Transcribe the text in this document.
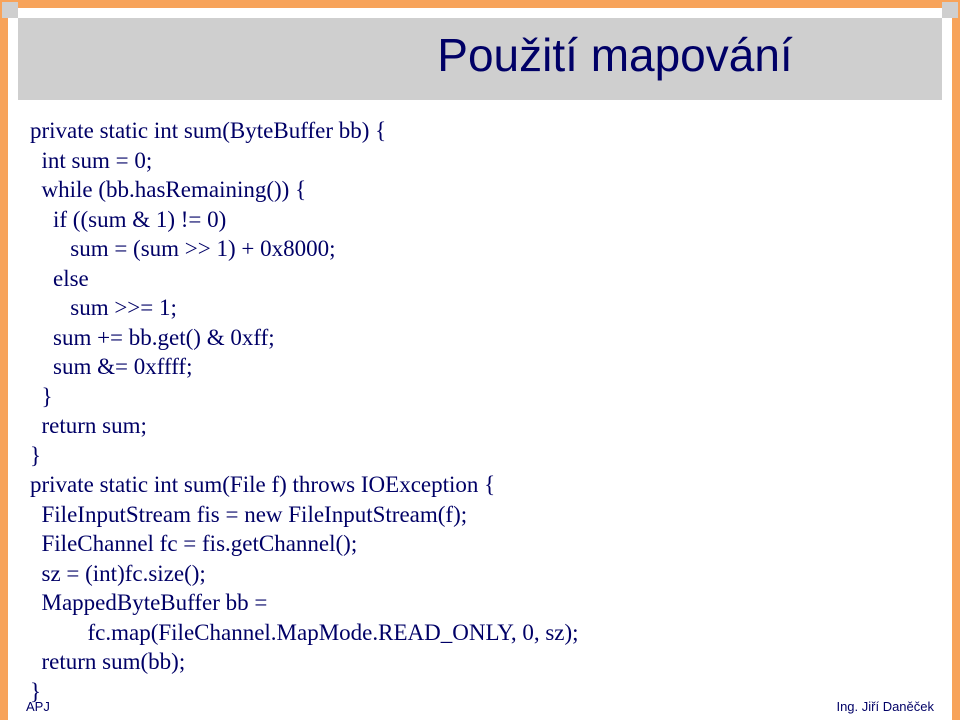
Použití mapování
private static int sum(ByteBuffer bb) {
int sum = 0;
while (bb.hasRemaining()) {
if ((sum & 1) != 0)
sum = (sum >> 1) + 0x8000;
else
sum >>= 1;
sum += bb.get() & 0xff;
sum &= 0xffff;
}
return sum;
}
private static int sum(File f) throws IOException {
FileInputStream fis = new FileInputStream(f);
FileChannel fc = fis.getChannel();
sz = (int)fc.size();
MappedByteBuffer bb =
fc.map(FileChannel.MapMode.READ_ONLY, 0, sz);
return sum(bb);
}
APJ	Ing. Jiří Daněček
